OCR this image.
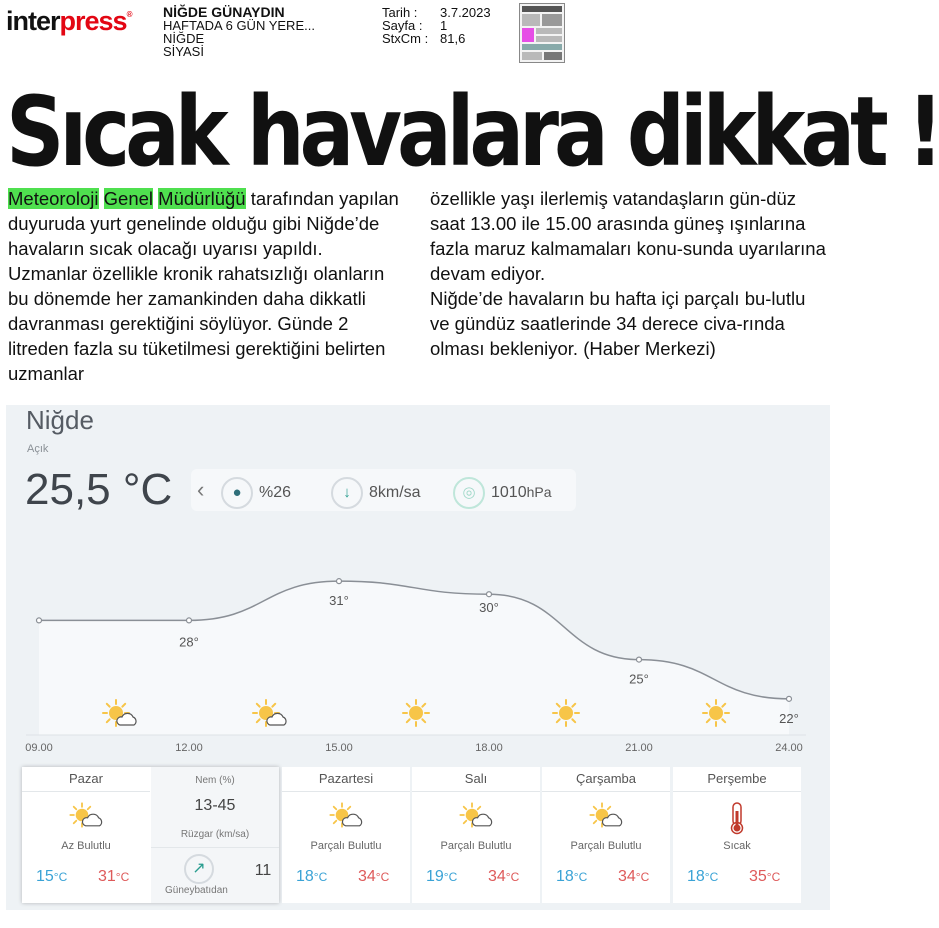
interpress® NİĞDE GÜNAYDIN
HAFTADA 6 GÜN YERE...
NİĞDE
SİYASİ
Tarih : 3.7.2023
Sayfa : 1
StxCm : 81,6
Sıcak havalara dikkat !

Meteoroloji Genel Müdürlüğü tarafından yapılan duyuruda yurt genelinde olduğu gibi Niğde’de havaların sıcak olacağı uyarısı yapıldı. Uzmanlar özellikle kronik rahatsızlığı olanların bu dönemde her zamankinden daha dikkatli davranması gerektiğini söylüyor. Günde 2 litreden fazla su tüketilmesi gerektiğini belirten uzmanlar

özellikle yaşı ilerlemiş vatandaşların gün-düz saat 13.00 ile 15.00 arasında güneş ışınlarına fazla maruz kalmamaları konu-sunda uyarılarına devam ediyor.

Niğde’de havaların bu hafta içi parçalı bu-lutlu ve gündüz saatlerinde 34 derece civa-rında olması bekleniyor. (Haber Merkezi)

Niğde
Açık
25,5 °C ‹	●	%26	↓	8km/sa	◎ 1010hPa
28°
31°	30°
25°
22°
09.00	12.00	15.00	18.00	21.00	24.00
Pazar
Az Bulutlu
15°C 31°C
Nem (%)
13-45
Rüzgar (km/sa)
↗	11
Güneybatıdan
Pazartesi
Parçalı Bulutlu
18°C 34°C
Salı
Parçalı Bulutlu
19°C 34°C
Çarşamba
Parçalı Bulutlu
18°C 34°C
Perşembe
Sıcak
18°C 35°C
